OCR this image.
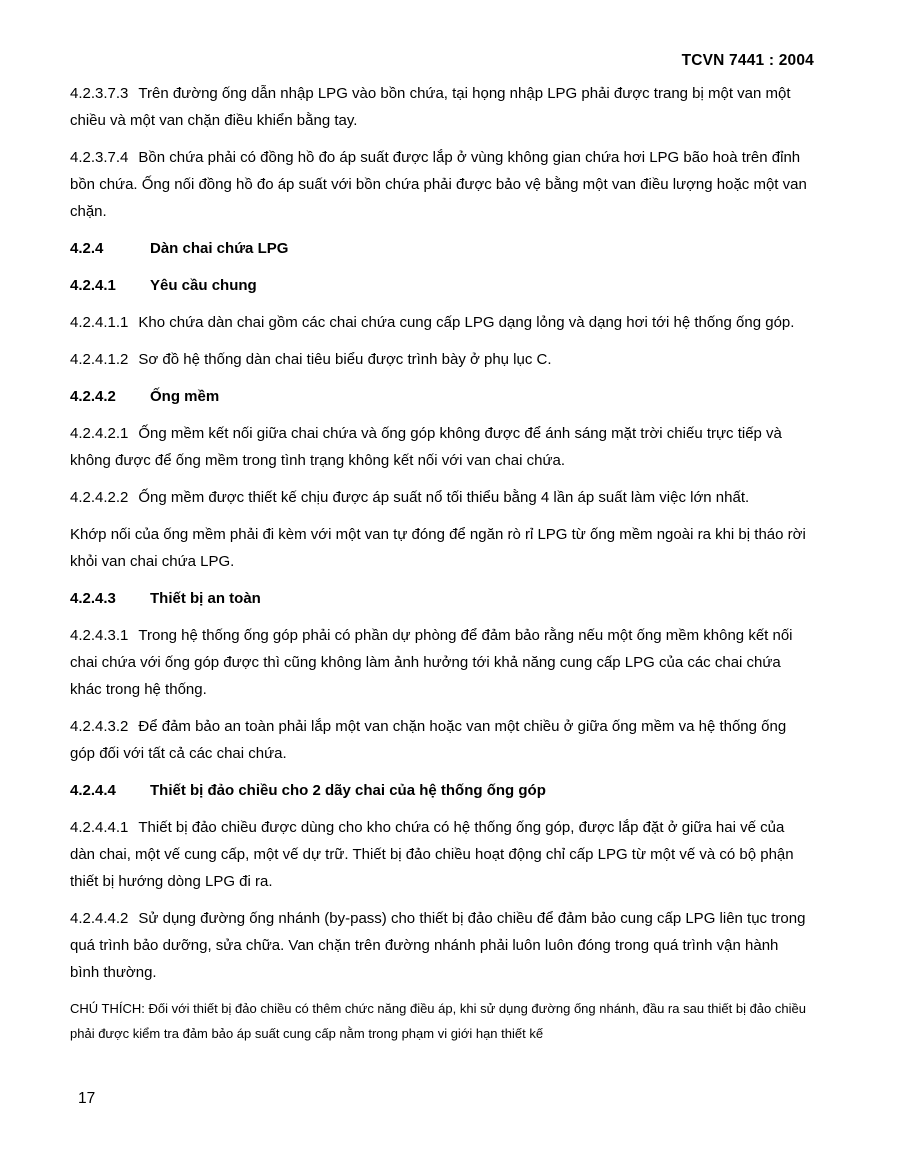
TCVN 7441 : 2004

4.2.3.7.3 Trên đường ống dẫn nhập LPG vào bồn chứa, tại họng nhập LPG phải được trang bị một van một chiều và một van chặn điều khiển bằng tay.

4.2.3.7.4 Bồn chứa phải có đồng hồ đo áp suất được lắp ở vùng không gian chứa hơi LPG bão hoà trên đỉnh bồn chứa. Ống nối đồng hồ đo áp suất với bồn chứa phải được bảo vệ bằng một van điều lượng hoặc một van chặn.

4.2.4	Dàn chai chứa LPG
4.2.4.1	Yêu cầu chung

4.2.4.1.1 Kho chứa dàn chai gồm các chai chứa cung cấp LPG dạng lỏng và dạng hơi tới hệ thống ống góp.

4.2.4.1.2 Sơ đồ hệ thống dàn chai tiêu biểu được trình bày ở phụ lục C.

4.2.4.2	Ống mềm

4.2.4.2.1 Ống mềm kết nối giữa chai chứa và ống góp không được để ánh sáng mặt trời chiếu trực tiếp và không được để ống mềm trong tình trạng không kết nối với van chai chứa.

4.2.4.2.2 Ống mềm được thiết kế chịu được áp suất nổ tối thiểu bằng 4 lần áp suất làm việc lớn nhất.

Khớp nối của ống mềm phải đi kèm với một van tự đóng để ngăn rò rỉ LPG từ ống mềm ngoài ra khi bị tháo rời khỏi van chai chứa LPG.

4.2.4.3	Thiết bị an toàn

4.2.4.3.1 Trong hệ thống ống góp phải có phần dự phòng để đảm bảo rằng nếu một ống mềm không kết nối chai chứa với ống góp được thì cũng không làm ảnh hưởng tới khả năng cung cấp LPG của các chai chứa khác trong hệ thống.

4.2.4.3.2 Để đảm bảo an toàn phải lắp một van chặn hoặc van một chiều ở giữa ống mềm va hệ thống ống góp đối với tất cả các chai chứa.

4.2.4.4	Thiết bị đảo chiều cho 2 dãy chai của hệ thống ống góp

4.2.4.4.1 Thiết bị đảo chiều được dùng cho kho chứa có hệ thống ống góp, được lắp đặt ở giữa hai vế của dàn chai, một vế cung cấp, một vế dự trữ. Thiết bị đảo chiều hoạt động chỉ cấp LPG từ một vế và có bộ phận thiết bị hướng dòng LPG đi ra.

4.2.4.4.2 Sử dụng đường ống nhánh (by-pass) cho thiết bị đảo chiều để đảm bảo cung cấp LPG liên tục trong quá trình bảo dưỡng, sửa chữa. Van chặn trên đường nhánh phải luôn luôn đóng trong quá trình vận hành bình thường.

CHÚ THÍCH: Đối với thiết bị đảo chiều có thêm chức năng điều áp, khi sử dụng đường ống nhánh, đầu ra sau thiết bị đảo chiều phải được kiểm tra đảm bảo áp suất cung cấp nằm trong phạm vi giới hạn thiết kế

17
